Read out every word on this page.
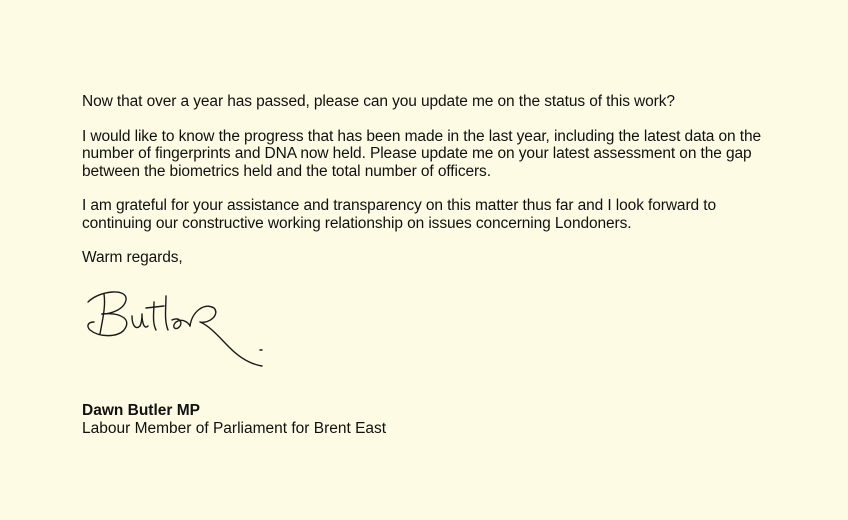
Now that over a year has passed, please can you update me on the status of this work?

I would like to know the progress that has been made in the last year, including the latest data on the number of fingerprints and DNA now held. Please update me on your latest assessment on the gap between the biometrics held and the total number of officers.

I am grateful for your assistance and transparency on this matter thus far and I look forward to continuing our constructive working relationship on issues concerning Londoners.

Warm regards,

Dawn Butler MP

Labour Member of Parliament for Brent East
